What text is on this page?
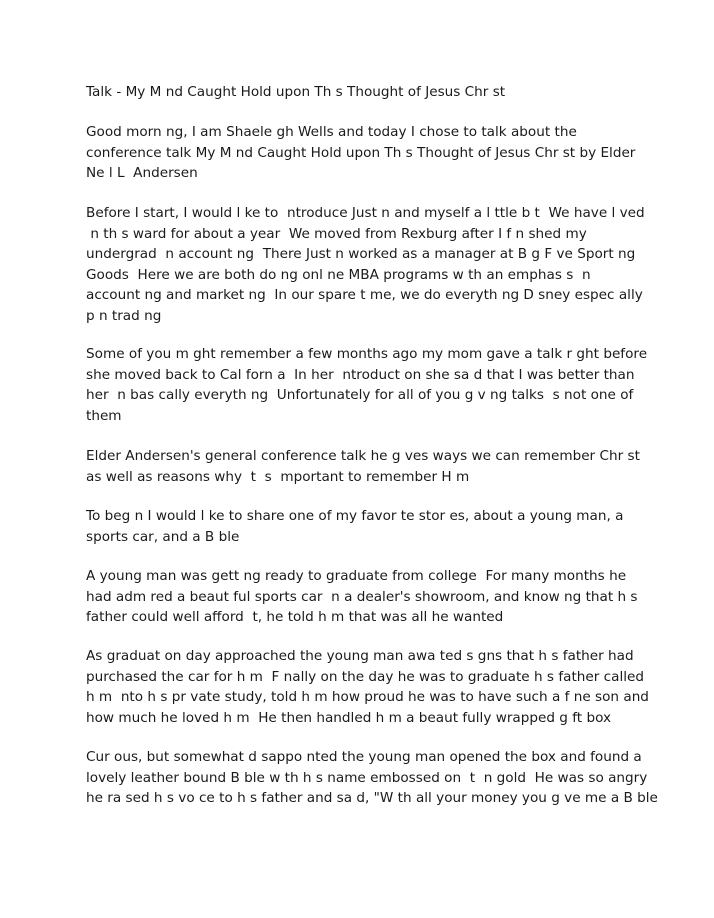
Talk - My M nd Caught Hold upon Th s Thought of Jesus Chr st

Good morn ng, I am Shaele gh Wells and today I chose to talk about the
conference talk My M nd Caught Hold upon Th s Thought of Jesus Chr st by Elder
Ne l L  Andersen

Before I start, I would l ke to  ntroduce Just n and myself a l ttle b t  We have l ved
n th s ward for about a year  We moved from Rexburg after I f n shed my
undergrad  n account ng  There Just n worked as a manager at B g F ve Sport ng
Goods  Here we are both do ng onl ne MBA programs w th an emphas s  n
account ng and market ng  In our spare t me, we do everyth ng D sney espec ally
p n trad ng

Some of you m ght remember a few months ago my mom gave a talk r ght before
she moved back to Cal forn a  In her  ntroduct on she sa d that I was better than
her  n bas cally everyth ng  Unfortunately for all of you g v ng talks  s not one of
them

Elder Andersen's general conference talk he g ves ways we can remember Chr st
as well as reasons why  t  s  mportant to remember H m

To beg n I would l ke to share one of my favor te stor es, about a young man, a
sports car, and a B ble

A young man was gett ng ready to graduate from college  For many months he
had adm red a beaut ful sports car  n a dealer's showroom, and know ng that h s
father could well afford  t, he told h m that was all he wanted

As graduat on day approached the young man awa ted s gns that h s father had
purchased the car for h m  F nally on the day he was to graduate h s father called
h m  nto h s pr vate study, told h m how proud he was to have such a f ne son and
how much he loved h m  He then handled h m a beaut fully wrapped g ft box

Cur ous, but somewhat d sappo nted the young man opened the box and found a
lovely leather bound B ble w th h s name embossed on  t  n gold  He was so angry
he ra sed h s vo ce to h s father and sa d, "W th all your money you g ve me a B ble
